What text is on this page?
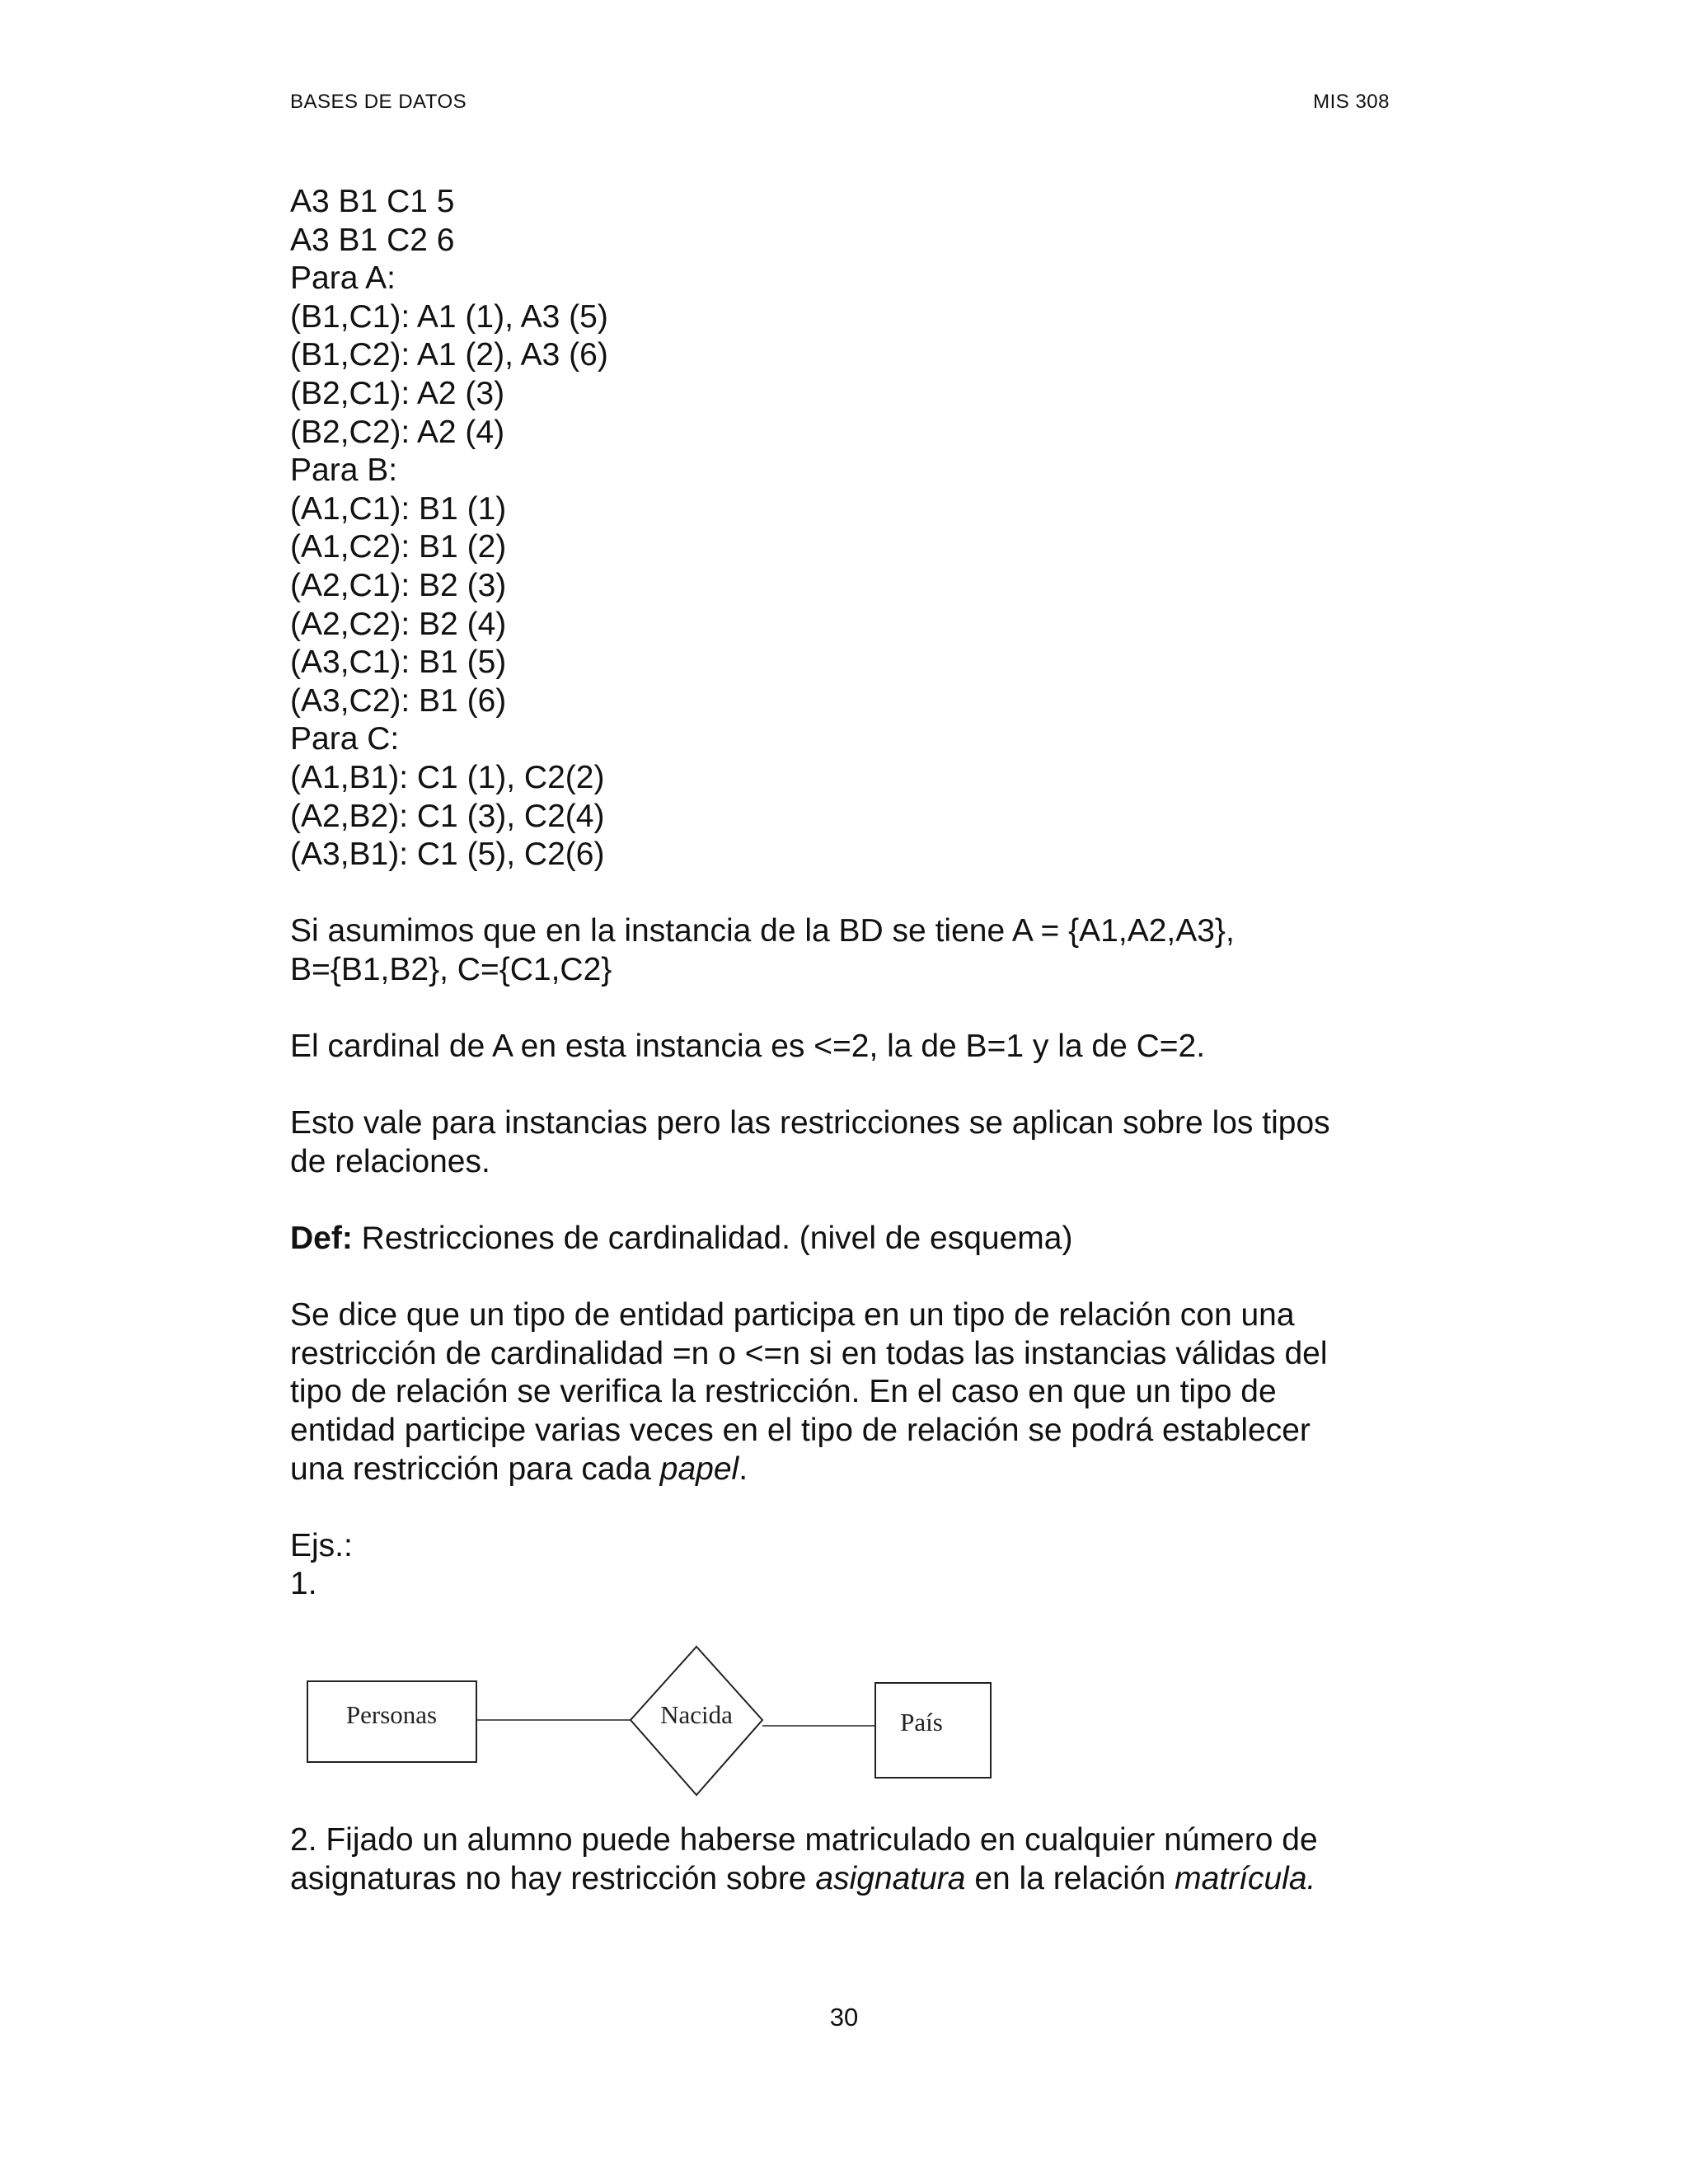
BASES DE DATOS	MIS 308
A3 B1 C1 5
A3 B1 C2 6
Para A:
(B1,C1): A1 (1), A3 (5)
(B1,C2): A1 (2), A3 (6)
(B2,C1): A2 (3)
(B2,C2): A2 (4)
Para B:
(A1,C1): B1 (1)
(A1,C2): B1 (2)
(A2,C1): B2 (3)
(A2,C2): B2 (4)
(A3,C1): B1 (5)
(A3,C2): B1 (6)
Para C:
(A1,B1): C1 (1), C2(2)
(A2,B2): C1 (3), C2(4)
(A3,B1): C1 (5), C2(6)
Si asumimos que en la instancia de la BD se tiene A = {A1,A2,A3},
B={B1,B2}, C={C1,C2}
El cardinal de A en esta instancia es <=2, la de B=1 y la de C=2.
Esto vale para instancias pero las restricciones se aplican sobre los tipos
de relaciones.
Def: Restricciones de cardinalidad. (nivel de esquema)
Se dice que un tipo de entidad participa en un tipo de relación con una
restricción de cardinalidad =n o <=n si en todas las instancias válidas del
tipo de relación se verifica la restricción. En el caso en que un tipo de
entidad participe varias veces en el tipo de relación se podrá establecer
una restricción para cada papel.
Ejs.:
1.
Personas	Nacida	País
2. Fijado un alumno puede haberse matriculado en cualquier número de
asignaturas no hay restricción sobre asignatura en la relación matrícula.
30
